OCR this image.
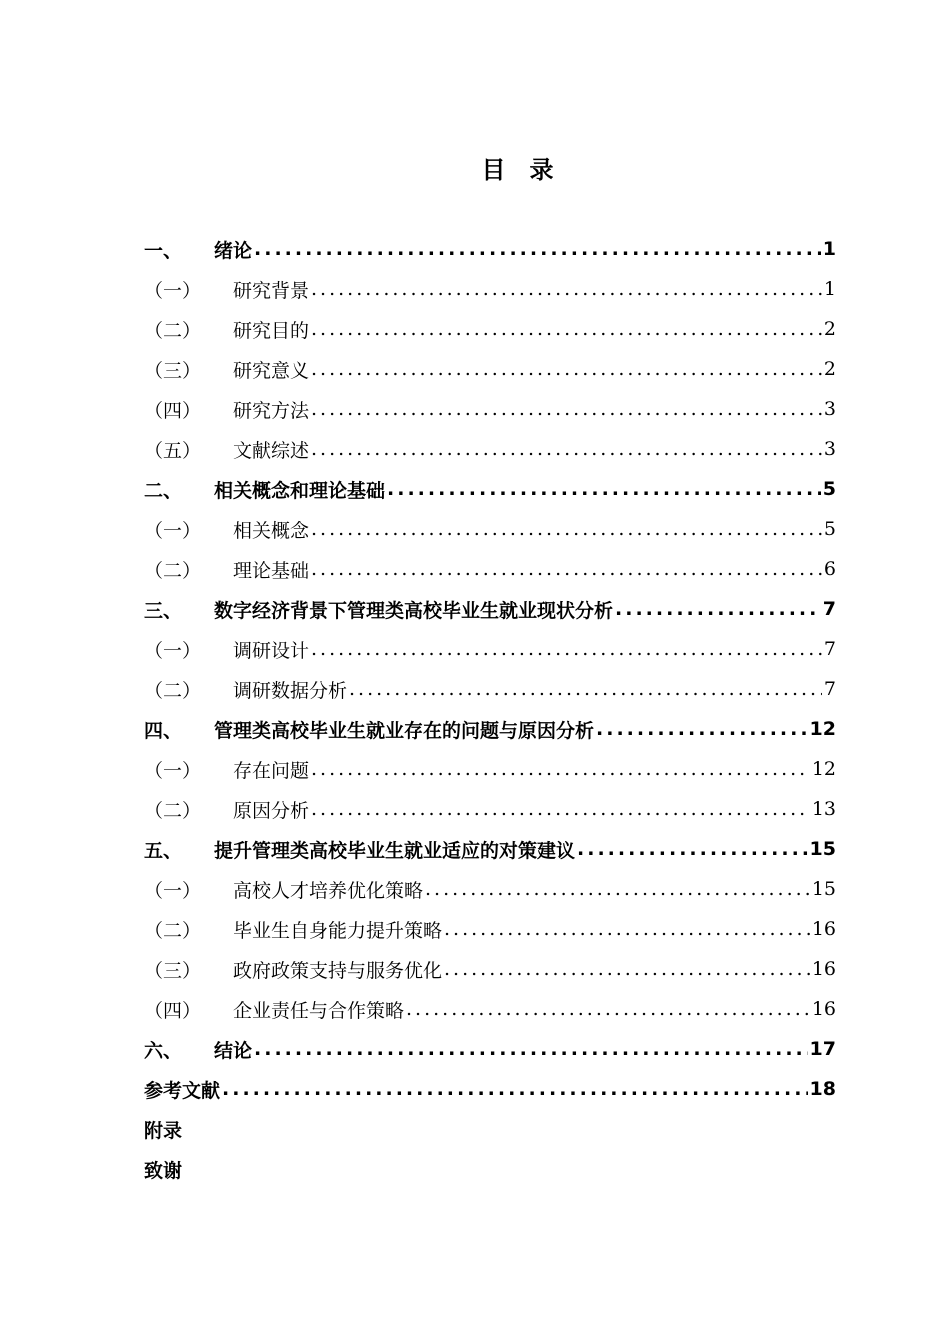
目　录
一、	绪论 .....	1
（一）	研究背景 .....	1
（二）	研究目的 .....	2
（三）	研究意义 .....	2
（四）	研究方法 .....	3
（五）	文献综述 .....	3
二、	相关概念和理论基础 .....	5
（一）	相关概念 .....	5
（二）	理论基础 .....	6
三、	数字经济背景下管理类高校毕业生就业现状分析 .....	7
（一）	调研设计 .....	7
（二）	调研数据分析 .....	7
四、	管理类高校毕业生就业存在的问题与原因分析 .....	12
（一）	存在问题 .....	12
（二）	原因分析 .....	13
五、	提升管理类高校毕业生就业适应的对策建议 .....	15
（一）	高校人才培养优化策略 .....	15
（二）	毕业生自身能力提升策略 .....	16
（三）	政府政策支持与服务优化 .....	16
（四）	企业责任与合作策略 .....	16
六、	结论 .....	17
参考文献 .....	18
附录
致谢
